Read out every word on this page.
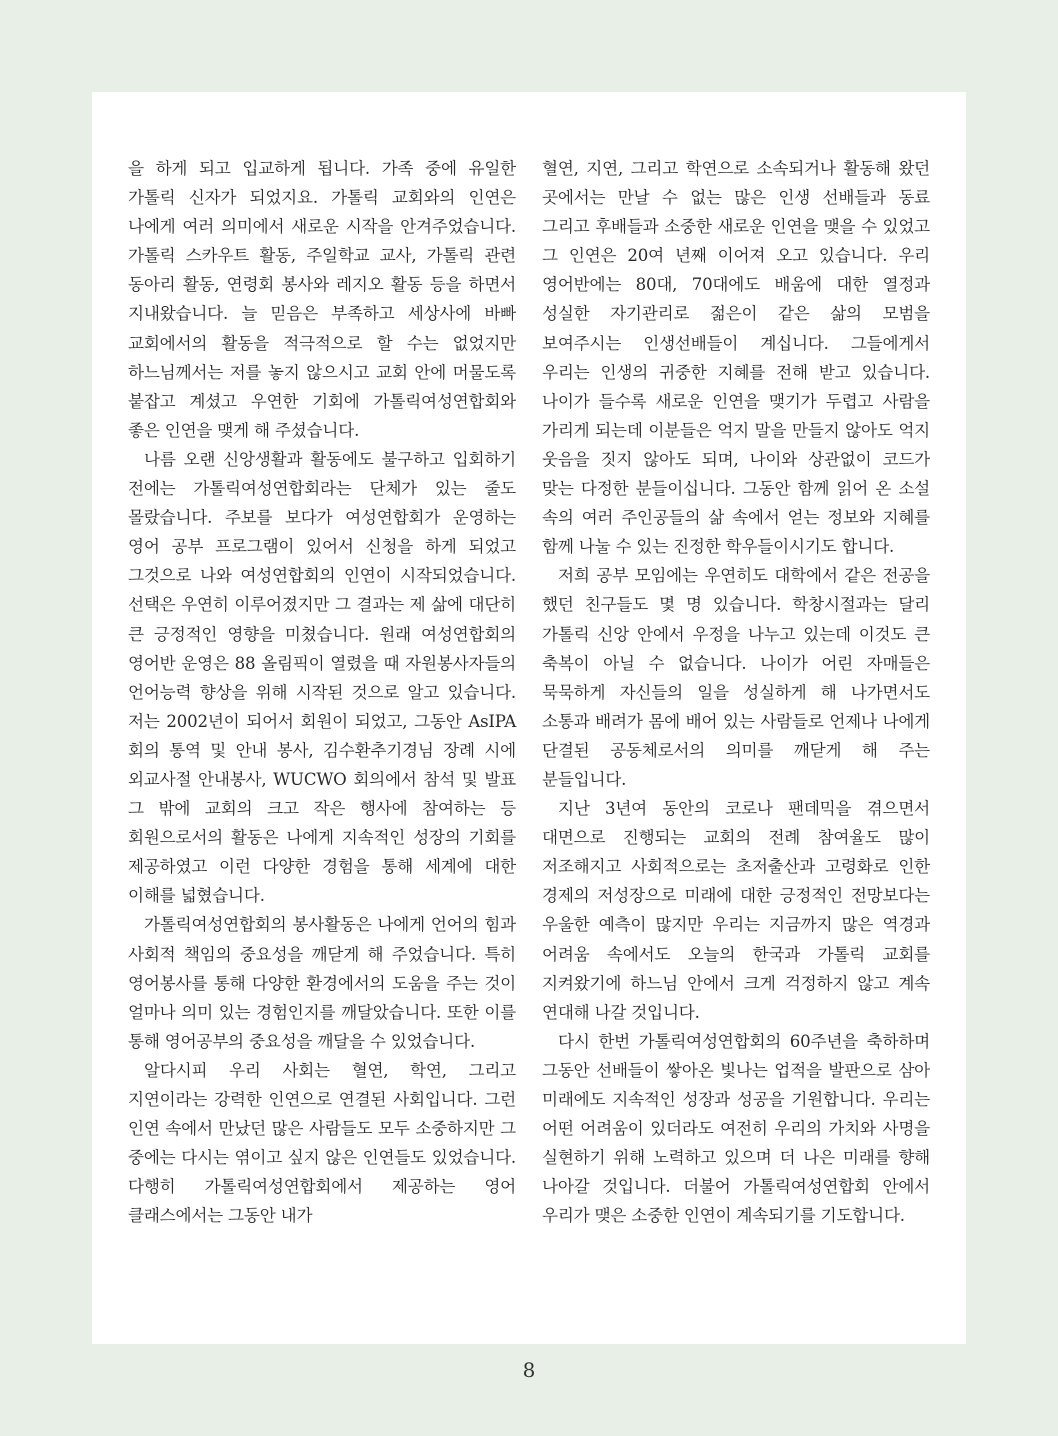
을 하게 되고 입교하게 됩니다. 가족 중에 유일한 가톨릭 신자가 되었지요. 가톨릭 교회와의 인연은 나에게 여러 의미에서 새로운 시작을 안겨주었습니다. 가톨릭 스카우트 활동, 주일학교 교사, 가톨릭 관련 동아리 활동, 연령회 봉사와 레지오 활동 등을 하면서 지내왔습니다. 늘 믿음은 부족하고 세상사에 바빠 교회에서의 활동을 적극적으로 할 수는 없었지만 하느님께서는 저를 놓지 않으시고 교회 안에 머물도록 붙잡고 계셨고 우연한 기회에 가톨릭여성연합회와 좋은 인연을 맺게 해 주셨습니다.

나름 오랜 신앙생활과 활동에도 불구하고 입회하기 전에는 가톨릭여성연합회라는 단체가 있는 줄도 몰랐습니다. 주보를 보다가 여성연합회가 운영하는 영어 공부 프로그램이 있어서 신청을 하게 되었고 그것으로 나와 여성연합회의 인연이 시작되었습니다. 선택은 우연히 이루어졌지만 그 결과는 제 삶에 대단히 큰 긍정적인 영향을 미쳤습니다. 원래 여성연합회의 영어반 운영은 88 올림픽이 열렸을 때 자원봉사자들의 언어능력 향상을 위해 시작된 것으로 알고 있습니다. 저는 2002년이 되어서 회원이 되었고, 그동안 AsIPA 회의 통역 및 안내 봉사, 김수환추기경님 장례 시에 외교사절 안내봉사, WUCWO 회의에서 참석 및 발표 그 밖에 교회의 크고 작은 행사에 참여하는 등 회원으로서의 활동은 나에게 지속적인 성장의 기회를 제공하였고 이런 다양한 경험을 통해 세계에 대한 이해를 넓혔습니다.

가톨릭여성연합회의 봉사활동은 나에게 언어의 힘과 사회적 책임의 중요성을 깨닫게 해 주었습니다. 특히 영어봉사를 통해 다양한 환경에서의 도움을 주는 것이 얼마나 의미 있는 경험인지를 깨달았습니다. 또한 이를 통해 영어공부의 중요성을 깨달을 수 있었습니다.

알다시피 우리 사회는 혈연, 학연, 그리고 지연이라는 강력한 인연으로 연결된 사회입니다. 그런 인연 속에서 만났던 많은 사람들도 모두 소중하지만 그 중에는 다시는 엮이고 싶지 않은 인연들도 있었습니다. 다행히 가톨릭여성연합회에서 제공하는 영어 클래스에서는 그동안 내가

혈연, 지연, 그리고 학연으로 소속되거나 활동해 왔던 곳에서는 만날 수 없는 많은 인생 선배들과 동료 그리고 후배들과 소중한 새로운 인연을 맺을 수 있었고 그 인연은 20여 년째 이어져 오고 있습니다. 우리 영어반에는 80대, 70대에도 배움에 대한 열정과 성실한 자기관리로 젊은이 같은 삶의 모범을 보여주시는 인생선배들이 계십니다. 그들에게서 우리는 인생의 귀중한 지혜를 전해 받고 있습니다. 나이가 들수록 새로운 인연을 맺기가 두렵고 사람을 가리게 되는데 이분들은 억지 말을 만들지 않아도 억지 웃음을 짓지 않아도 되며, 나이와 상관없이 코드가 맞는 다정한 분들이십니다. 그동안 함께 읽어 온 소설 속의 여러 주인공들의 삶 속에서 얻는 정보와 지혜를 함께 나눌 수 있는 진정한 학우들이시기도 합니다.

저희 공부 모임에는 우연히도 대학에서 같은 전공을 했던 친구들도 몇 명 있습니다. 학창시절과는 달리 가톨릭 신앙 안에서 우정을 나누고 있는데 이것도 큰 축복이 아닐 수 없습니다. 나이가 어린 자매들은 묵묵하게 자신들의 일을 성실하게 해 나가면서도 소통과 배려가 몸에 배어 있는 사람들로 언제나 나에게 단결된 공동체로서의 의미를 깨닫게 해 주는 분들입니다.

지난 3년여 동안의 코로나 팬데믹을 겪으면서 대면으로 진행되는 교회의 전례 참여율도 많이 저조해지고 사회적으로는 초저출산과 고령화로 인한 경제의 저성장으로 미래에 대한 긍정적인 전망보다는 우울한 예측이 많지만 우리는 지금까지 많은 역경과 어려움 속에서도 오늘의 한국과 가톨릭 교회를 지켜왔기에 하느님 안에서 크게 걱정하지 않고 계속 연대해 나갈 것입니다.

다시 한번 가톨릭여성연합회의 60주년을 축하하며 그동안 선배들이 쌓아온 빛나는 업적을 발판으로 삼아 미래에도 지속적인 성장과 성공을 기원합니다. 우리는 어떤 어려움이 있더라도 여전히 우리의 가치와 사명을 실현하기 위해 노력하고 있으며 더 나은 미래를 향해 나아갈 것입니다. 더불어 가톨릭여성연합회 안에서 우리가 맺은 소중한 인연이 계속되기를 기도합니다.

8
